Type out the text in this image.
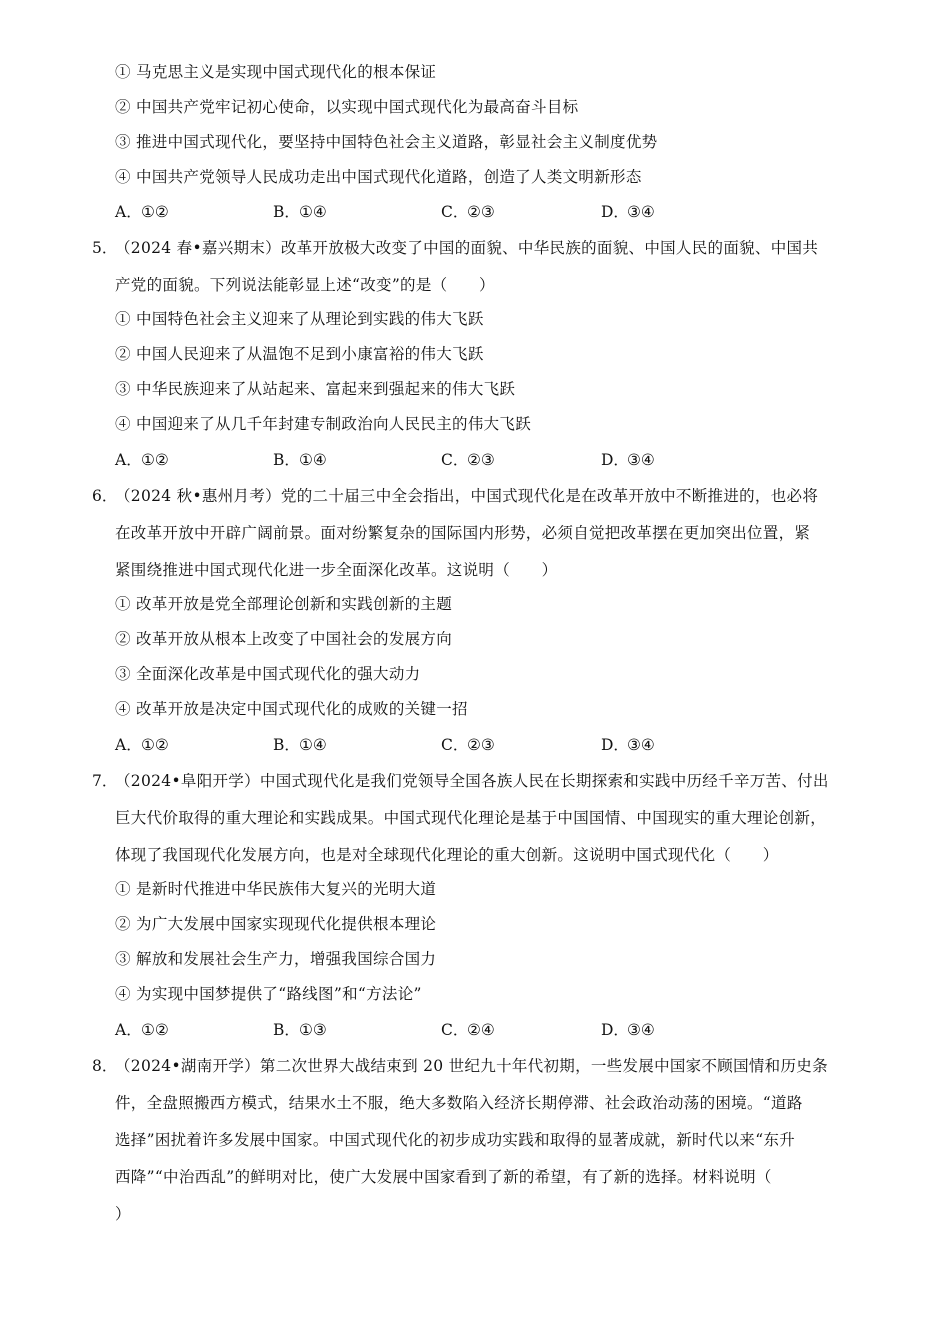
① 马克思主义是实现中国式现代化的根本保证
② 中国共产党牢记初心使命，以实现中国式现代化为最高奋斗目标
③ 推进中国式现代化，要坚持中国特色社会主义道路，彰显社会主义制度优势
④ 中国共产党领导人民成功走出中国式现代化道路，创造了人类文明新形态
A．①②	B．①④	C．②③	D．③④
5．
（2024 春•嘉兴期末）改革开放极大改变了中国的面貌、中华民族的面貌、中国人民的面貌、中国共
产党的面貌。下列说法能彰显上述“改变”的是（　　）
① 中国特色社会主义迎来了从理论到实践的伟大飞跃
② 中国人民迎来了从温饱不足到小康富裕的伟大飞跃
③ 中华民族迎来了从站起来、富起来到强起来的伟大飞跃
④ 中国迎来了从几千年封建专制政治向人民民主的伟大飞跃
A．①②	B．①④	C．②③	D．③④
6．
（2024 秋•惠州月考）党的二十届三中全会指出，中国式现代化是在改革开放中不断推进的，也必将
在改革开放中开辟广阔前景。面对纷繁复杂的国际国内形势，必须自觉把改革摆在更加突出位置，紧
紧围绕推进中国式现代化进一步全面深化改革。这说明（　　）
① 改革开放是党全部理论创新和实践创新的主题
② 改革开放从根本上改变了中国社会的发展方向
③ 全面深化改革是中国式现代化的强大动力
④ 改革开放是决定中国式现代化的成败的关键一招
A．①②	B．①④	C．②③	D．③④
7．
（2024•阜阳开学）中国式现代化是我们党领导全国各族人民在长期探索和实践中历经千辛万苦、付出
巨大代价取得的重大理论和实践成果。中国式现代化理论是基于中国国情、中国现实的重大理论创新，
体现了我国现代化发展方向，也是对全球现代化理论的重大创新。这说明中国式现代化（　　）
① 是新时代推进中华民族伟大复兴的光明大道
② 为广大发展中国家实现现代化提供根本理论
③ 解放和发展社会生产力，增强我国综合国力
④ 为实现中国梦提供了“路线图”和“方法论”
A．①②	B．①③	C．②④	D．③④
8．
（2024•湖南开学）第二次世界大战结束到 20 世纪九十年代初期，一些发展中国家不顾国情和历史条
件，全盘照搬西方模式，结果水土不服，绝大多数陷入经济长期停滞、社会政治动荡的困境。“道路
选择”困扰着许多发展中国家。中国式现代化的初步成功实践和取得的显著成就，新时代以来“东升
西降”“中治西乱”的鲜明对比，使广大发展中国家看到了新的希望，有了新的选择。材料说明（
）
